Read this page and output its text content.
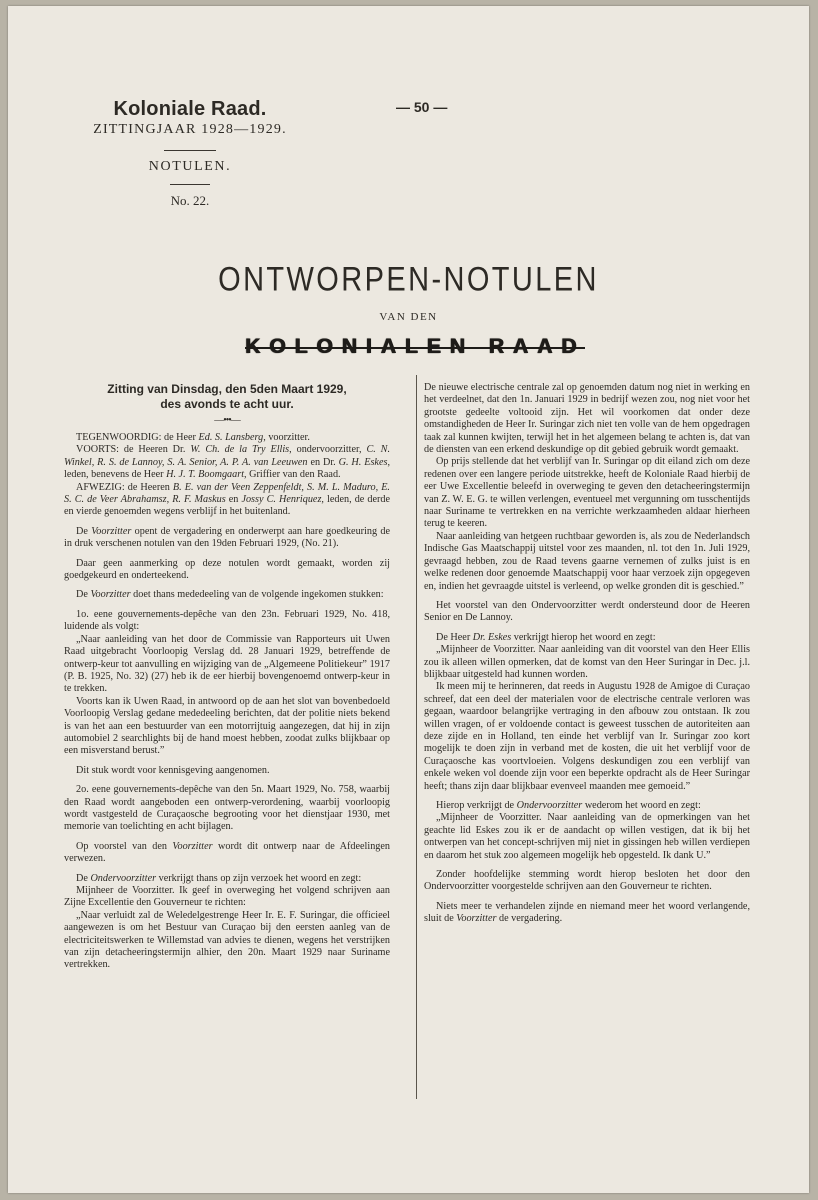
Koloniale Raad.
ZITTINGJAAR 1928—1929.
NOTULEN.
No. 22.
— 50 —
ONTWORPEN-NOTULEN
VAN DEN
KOLONIALEN RAAD
Zitting van Dinsdag, den 5den Maart 1929,
des avonds te acht uur.
—•••—

TEGENWOORDIG: de Heer Ed. S. Lansberg, voorzitter.

VOORTS: de Heeren Dr. W. Ch. de la Try Ellis, ondervoorzitter, C. N. Winkel, R. S. de Lannoy, S. A. Senior, A. P. A. van Leeuwen en Dr. G. H. Eskes, leden, benevens de Heer H. J. T. Boomgaart, Griffier van den Raad.

AFWEZIG: de Heeren B. E. van der Veen Zeppenfeldt, S. M. L. Maduro, E. S. C. de Veer Abrahamsz, R. F. Maskus en Jossy C. Henriquez, leden, de derde en vierde genoemden wegens verblijf in het buitenland.

De Voorzitter opent de vergadering en onderwerpt aan hare goedkeuring de in druk verschenen notulen van den 19den Februari 1929, (No. 21).

Daar geen aanmerking op deze notulen wordt gemaakt, worden zij goedgekeurd en onderteekend.

De Voorzitter doet thans mededeeling van de volgende ingekomen stukken:

1o. eene gouvernements-depêche van den 23n. Februari 1929, No. 418, luidende als volgt:

„Naar aanleiding van het door de Commissie van Rapporteurs uit Uwen Raad uitgebracht Voorloopig Verslag dd. 28 Januari 1929, betreffende de ontwerp-keur tot aanvulling en wijziging van de „Algemeene Politiekeur” 1917 (P. B. 1925, No. 32) (27) heb ik de eer hierbij bovengenoemd ontwerp-keur in te trekken.

Voorts kan ik Uwen Raad, in antwoord op de aan het slot van bovenbedoeld Voorloopig Verslag gedane mededeeling berichten, dat der politie niets bekend is van het aan een bestuurder van een motorrijtuig aangezegen, dat hij in zijn automobiel 2 searchlights bij de hand moest hebben, zoodat zulks blijkbaar op een misverstand berust.”

Dit stuk wordt voor kennisgeving aangenomen.

2o. eene gouvernements-depêche van den 5n. Maart 1929, No. 758, waarbij den Raad wordt aangeboden een ontwerp-verordening, waarbij voorloopig wordt vastgesteld de Curaçaosche begrooting voor het dienstjaar 1930, met memorie van toelichting en acht bijlagen.

Op voorstel van den Voorzitter wordt dit ontwerp naar de Afdeelingen verwezen.

De Ondervoorzitter verkrijgt thans op zijn verzoek het woord en zegt:

Mijnheer de Voorzitter. Ik geef in overweging het volgend schrijven aan Zijne Excellentie den Gouverneur te richten:

„Naar verluidt zal de Weledelgestrenge Heer Ir. E. F. Suringar, die officieel aangewezen is om het Bestuur van Curaçao bij den eersten aanleg van de electriciteitswerken te Willemstad van advies te dienen, wegens het verstrijken van zijn detacheeringstermijn alhier, den 20n. Maart 1929 naar Suriname vertrekken.

De nieuwe electrische centrale zal op genoemden datum nog niet in werking en het verdeelnet, dat den 1n. Januari 1929 in bedrijf wezen zou, nog niet voor het grootste gedeelte voltooid zijn. Het wil voorkomen dat onder deze omstandigheden de Heer Ir. Suringar zich niet ten volle van de hem opgedragen taak zal kunnen kwijten, terwijl het in het algemeen belang te achten is, dat van de diensten van een erkend deskundige op dit gebied gebruik wordt gemaakt.

Op prijs stellende dat het verblijf van Ir. Suringar op dit eiland zich om deze redenen over een langere periode uitstrekke, heeft de Koloniale Raad hierbij de eer Uwe Excellentie beleefd in overweging te geven den detacheeringstermijn van Z. W. E. G. te willen verlengen, eventueel met vergunning om tusschentijds naar Suriname te vertrekken en na verrichte werkzaamheden aldaar hierheen terug te keeren.

Naar aanleiding van hetgeen ruchtbaar geworden is, als zou de Nederlandsch Indische Gas Maatschappij uitstel voor zes maanden, nl. tot den 1n. Juli 1929, gevraagd hebben, zou de Raad tevens gaarne vernemen of zulks juist is en welke redenen door genoemde Maatschappij voor haar verzoek zijn opgegeven en, indien het gevraagde uitstel is verleend, op welke gronden dit is geschied.”

Het voorstel van den Ondervoorzitter werdt ondersteund door de Heeren Senior en De Lannoy.

De Heer Dr. Eskes verkrijgt hierop het woord en zegt:

„Mijnheer de Voorzitter. Naar aanleiding van dit voorstel van den Heer Ellis zou ik alleen willen opmerken, dat de komst van den Heer Suringar in Dec. j.l. blijkbaar uitgesteld had kunnen worden.

Ik meen mij te herinneren, dat reeds in Augustu 1928 de Amigoe di Curaçao schreef, dat een deel der materialen voor de electrische centrale verloren was gegaan, waardoor belangrijke vertraging in den afbouw zou ontstaan. Ik zou willen vragen, of er voldoende contact is geweest tusschen de autoriteiten aan deze zijde en in Holland, ten einde het verblijf van Ir. Suringar zoo kort mogelijk te doen zijn in verband met de kosten, die uit het verblijf voor de Curaçaosche kas voortvloeien. Volgens deskundigen zou een verblijf van enkele weken vol doende zijn voor een beperkte opdracht als de Heer Suringar heeft; thans zijn daar blijkbaar evenveel maanden mee gemoeid.”

Hierop verkrijgt de Ondervoorzitter wederom het woord en zegt:

„Mijnheer de Voorzitter. Naar aanleiding van de opmerkingen van het geachte lid Eskes zou ik er de aandacht op willen vestigen, dat ik bij het ontwerpen van het concept-schrijven mij niet in gissingen heb willen verdiepen en daarom het stuk zoo algemeen mogelijk heb opgesteld. Ik dank U.”

Zonder hoofdelijke stemming wordt hierop besloten het door den Ondervoorzitter voorgestelde schrijven aan den Gouverneur te richten.

Niets meer te verhandelen zijnde en niemand meer het woord verlangende, sluit de Voorzitter de vergadering.
